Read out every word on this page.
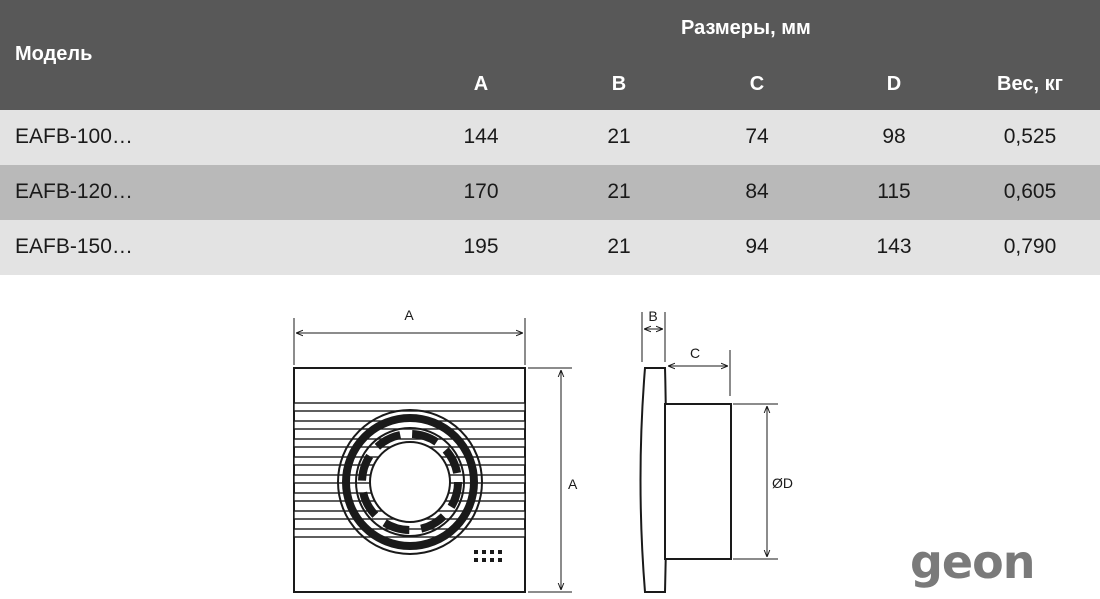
Модель
Размеры, мм
A	B	C	D	Вес, кг
EAFB-100…	144	21	74	98	0,525
EAFB-120…	170	21	84	115	0,605
EAFB-150…	195	21	94	143	0,790
A
A
B
C
ØD
geon
